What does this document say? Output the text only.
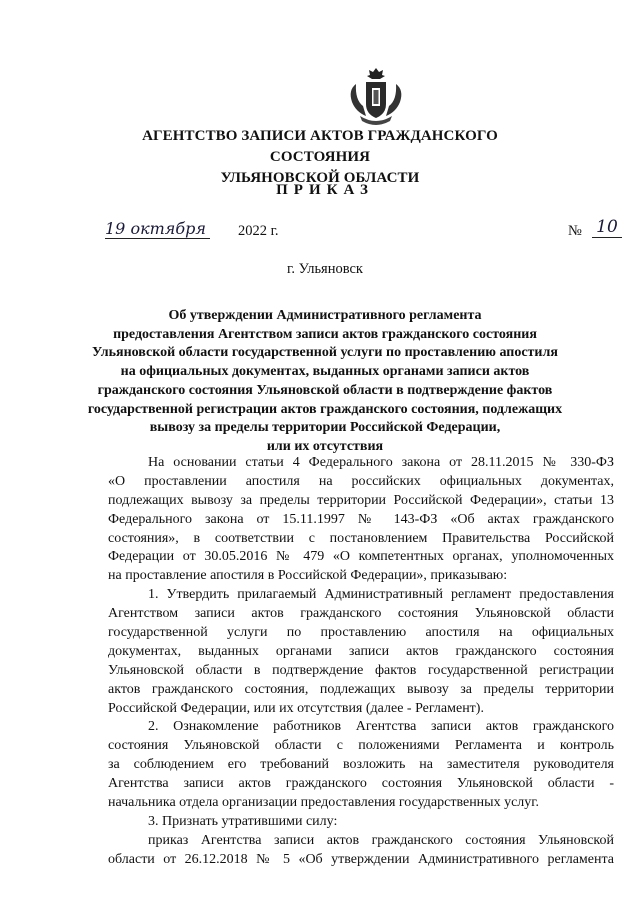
АГЕНТСТВО ЗАПИСИ АКТОВ ГРАЖДАНСКОГО СОСТОЯНИЯ
УЛЬЯНОВСКОЙ ОБЛАСТИ
ПРИКАЗ
19 октября 2022 г.	№ 10
г. Ульяновск
Об утверждении Административного регламента
предоставления Агентством записи актов гражданского состояния
Ульяновской области государственной услуги по проставлению апостиля
на официальных документах, выданных органами записи актов
гражданского состояния Ульяновской области в подтверждение фактов
государственной регистрации актов гражданского состояния, подлежащих
вывозу за пределы территории Российской Федерации,
или их отсутствия
На основании статьи 4 Федерального закона от 28.11.2015 № 330-ФЗ
«О проставлении апостиля на российских официальных документах,
подлежащих вывозу за пределы территории Российской Федерации», статьи 13
Федерального закона от 15.11.1997 № 143-ФЗ «Об актах гражданского
состояния», в соответствии с постановлением Правительства Российской
Федерации от 30.05.2016 № 479 «О компетентных органах, уполномоченных
на проставление апостиля в Российской Федерации», приказываю:
1. Утвердить прилагаемый Административный регламент предоставления
Агентством записи актов гражданского состояния Ульяновской области
государственной услуги по проставлению апостиля на официальных
документах, выданных органами записи актов гражданского состояния
Ульяновской области в подтверждение фактов государственной регистрации
актов гражданского состояния, подлежащих вывозу за пределы территории
Российской Федерации, или их отсутствия (далее - Регламент).
2. Ознакомление работников Агентства записи актов гражданского
состояния Ульяновской области с положениями Регламента и контроль
за соблюдением его требований возложить на заместителя руководителя
Агентства записи актов гражданского состояния Ульяновской области -
начальника отдела организации предоставления государственных услуг.
3. Признать утратившими силу:
приказ Агентства записи актов гражданского состояния Ульяновской
области от 26.12.2018 № 5 «Об утверждении Административного регламента
